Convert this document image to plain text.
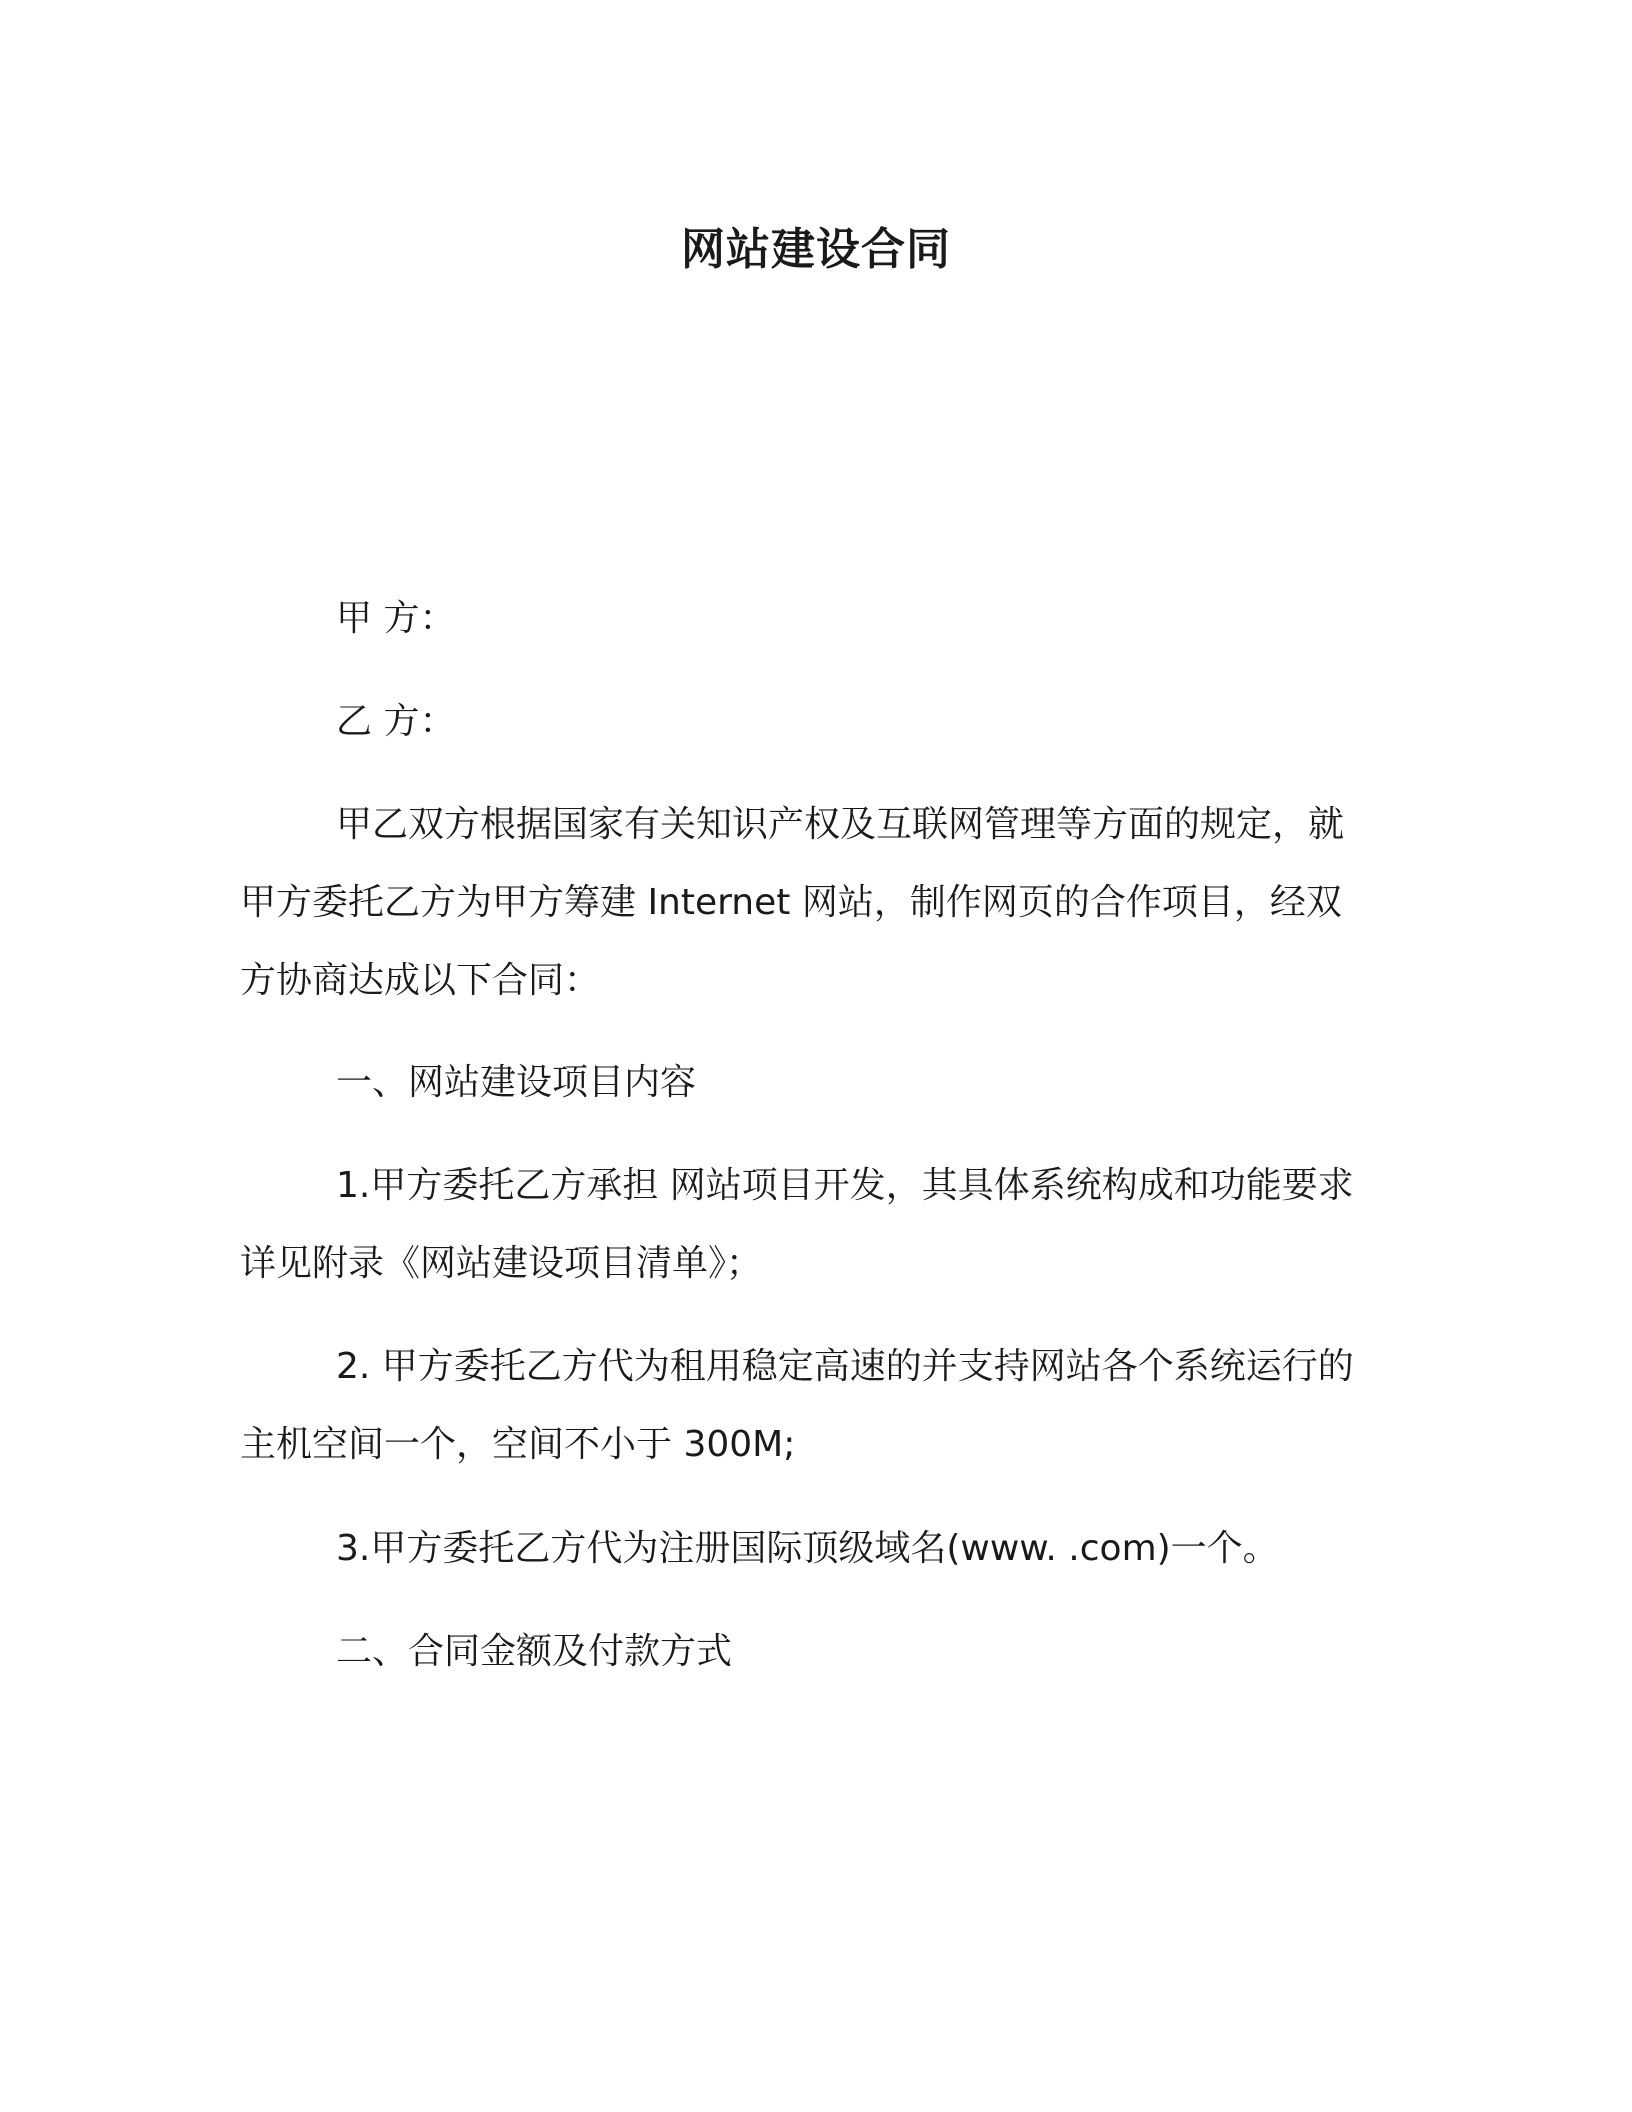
网站建设合同
甲 方：
乙 方：
甲乙双方根据国家有关知识产权及互联网管理等方面的规定，就
甲方委托乙方为甲方筹建 Internet 网站，制作网页的合作项目，经双
方协商达成以下合同：
一、网站建设项目内容
1.甲方委托乙方承担 网站项目开发，其具体系统构成和功能要求
详见附录《网站建设项目清单》；
2. 甲方委托乙方代为租用稳定高速的并支持网站各个系统运行的
主机空间一个，空间不小于 300M;
3.甲方委托乙方代为注册国际顶级域名(www. .com)一个。
二、合同金额及付款方式
